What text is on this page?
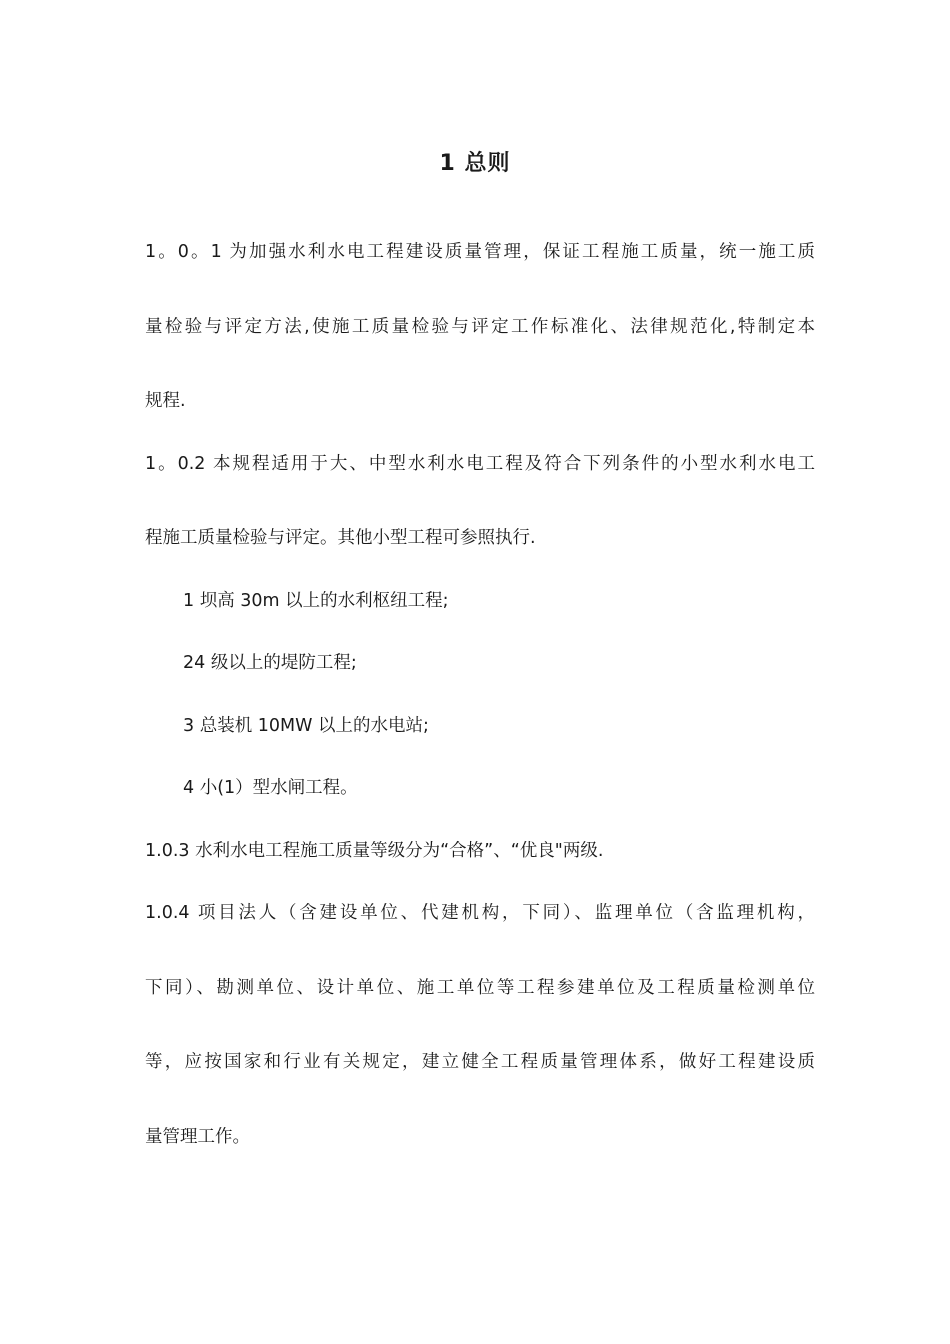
1 总则
1。0。1 为加强水利水电工程建设质量管理，保证工程施工质量，统一施工质
量检验与评定方法,使施工质量检验与评定工作标准化、法律规范化,特制定本
规程.
1。0.2 本规程适用于大、中型水利水电工程及符合下列条件的小型水利水电工
程施工质量检验与评定。其他小型工程可参照执行.
1 坝高 30m 以上的水利枢纽工程;
24 级以上的堤防工程;
3 总装机 10MW 以上的水电站;
4 小(1）型水闸工程。
1.0.3 水利水电工程施工质量等级分为“合格”、“优良"两级.
1.0.4 项目法人（含建设单位、代建机构，下同）、监理单位（含监理机构，
下同）、勘测单位、设计单位、施工单位等工程参建单位及工程质量检测单位
等，应按国家和行业有关规定，建立健全工程质量管理体系，做好工程建设质
量管理工作。
